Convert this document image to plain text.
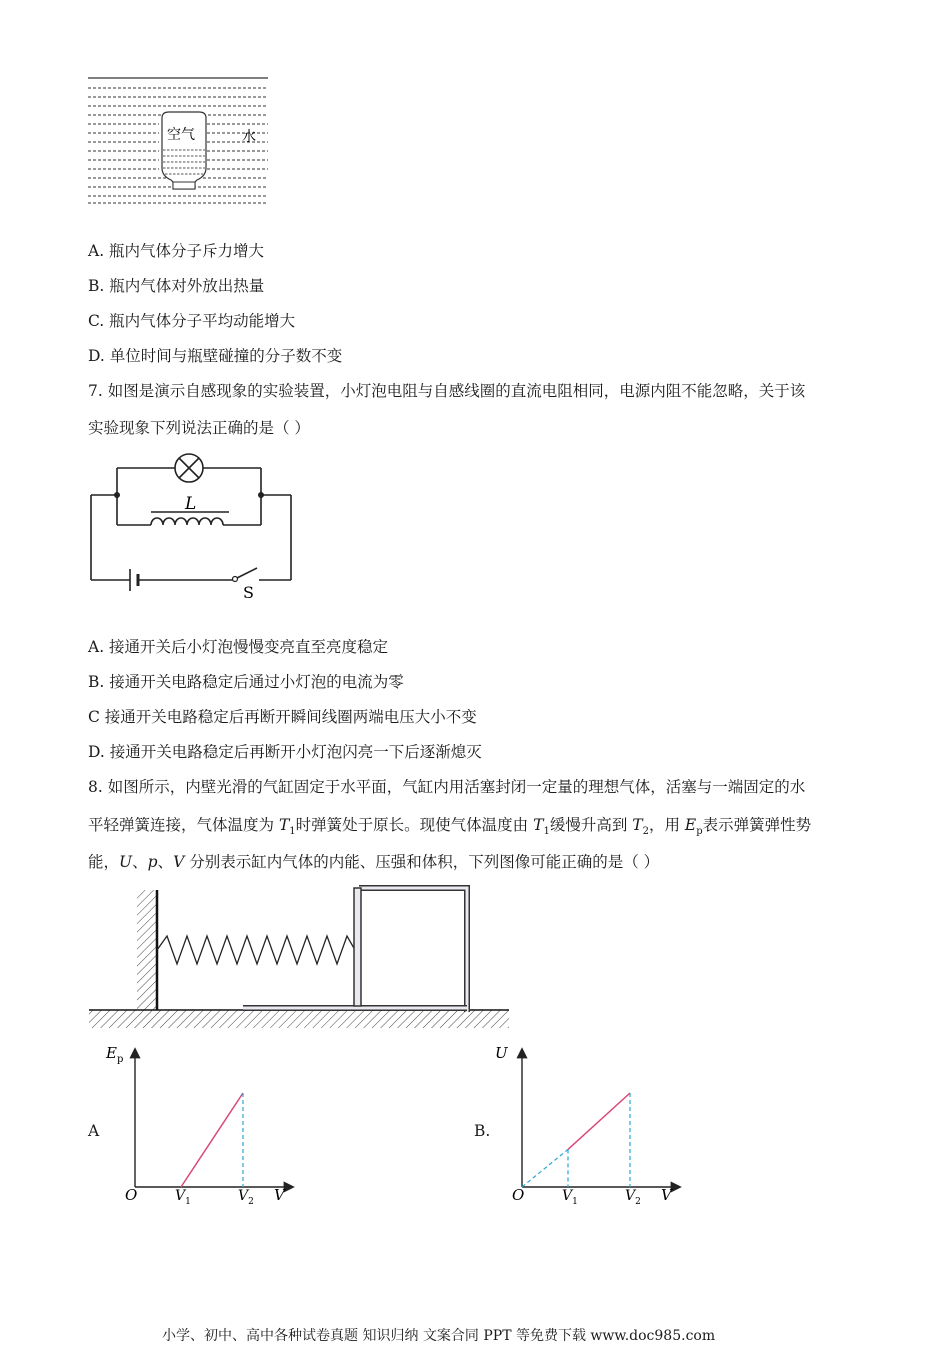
空气	水
A. 瓶内气体分子斥力增大
B. 瓶内气体对外放出热量
C. 瓶内气体分子平均动能增大
D. 单位时间与瓶壁碰撞的分子数不变
7. 如图是演示自感现象的实验装置，小灯泡电阻与自感线圈的直流电阻相同，电源内阻不能忽略，关于该
实验现象下列说法正确的是（ ）
L
S
A. 接通开关后小灯泡慢慢变亮直至亮度稳定
B. 接通开关电路稳定后通过小灯泡的电流为零
C 接通开关电路稳定后再断开瞬间线圈两端电压大小不变
D. 接通开关电路稳定后再断开小灯泡闪亮一下后逐渐熄灭
8. 如图所示，内壁光滑的气缸固定于水平面，气缸内用活塞封闭一定量的理想气体，活塞与一端固定的水
平轻弹簧连接，气体温度为 $T_1$时弹簧处于原长。现使气体温度由 $T_1$缓慢升高到 $T_2$，用 $E_p$表示弹簧弹性势
能，U、p、V 分别表示缸内气体的内能、压强和体积，下列图像可能正确的是（ ）
A
O
$E_p$
V
$V_1$	$V_2$
B.
O
U
V
$V_1$	$V_2$
小学、初中、高中各种试卷真题 知识归纳 文案合同 PPT 等免费下载 www.doc985.com
